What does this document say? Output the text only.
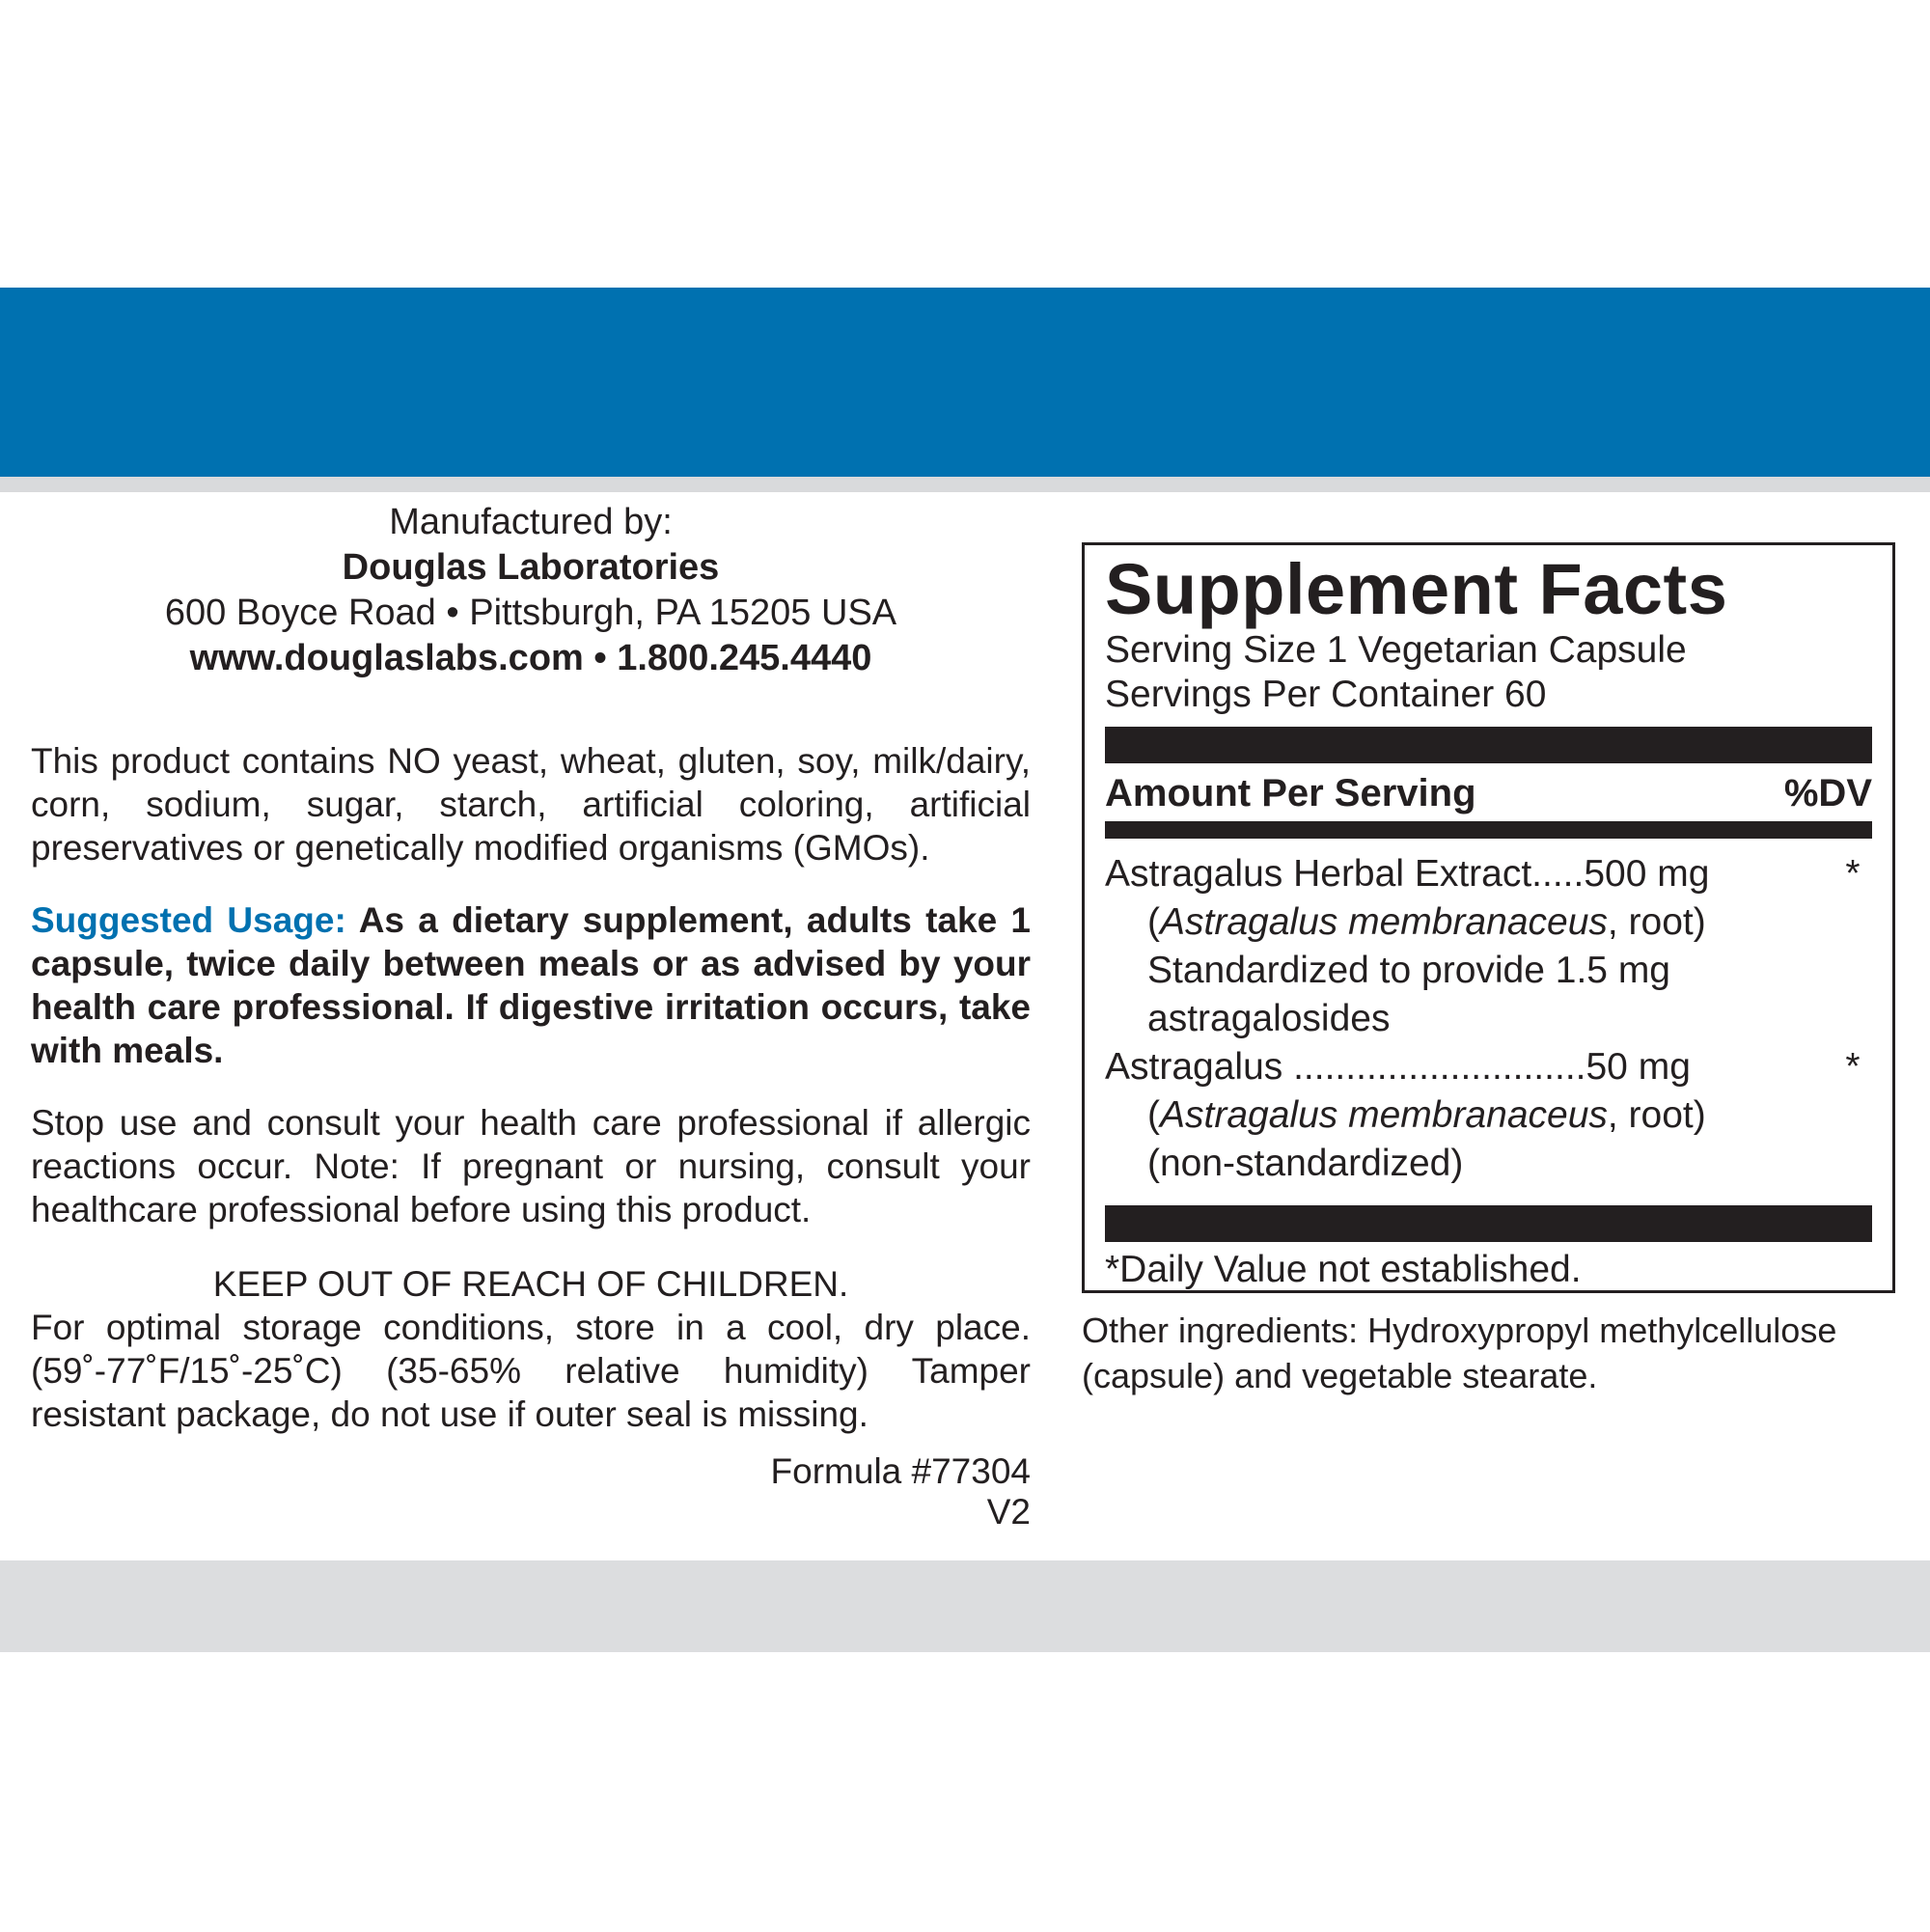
Manufactured by:
Douglas Laboratories
600 Boyce Road • Pittsburgh, PA 15205 USA
www.douglaslabs.com • 1.800.245.4440
This product contains NO yeast, wheat, gluten, soy, milk/dairy, corn, sodium, sugar, starch, artificial coloring, artificial preservatives or genetically modified organisms (GMOs).
Suggested Usage: As a dietary supplement, adults take 1 capsule, twice daily between meals or as advised by your health care professional. If digestive irritation occurs, take with meals.
Stop use and consult your health care professional if allergic reactions occur. Note: If pregnant or nursing, consult your healthcare professional before using this product.
KEEP OUT OF REACH OF CHILDREN.
For optimal storage conditions, store in a cool, dry place. (59˚-77˚F/15˚-25˚C) (35-65% relative humidity) Tamper resistant package, do not use if outer seal is missing.
Formula #77304
V2
Supplement Facts
Serving Size 1 Vegetarian Capsule
Servings Per Container 60
Amount Per Serving	%DV
Astragalus Herbal Extract.....500 mg	*
(Astragalus membranaceus, root)
Standardized to provide 1.5 mg
astragalosides
Astragalus ............................50 mg	*
(Astragalus membranaceus, root)
(non-standardized)
*Daily Value not established.
Other ingredients: Hydroxypropyl methylcellulose (capsule) and vegetable stearate.
